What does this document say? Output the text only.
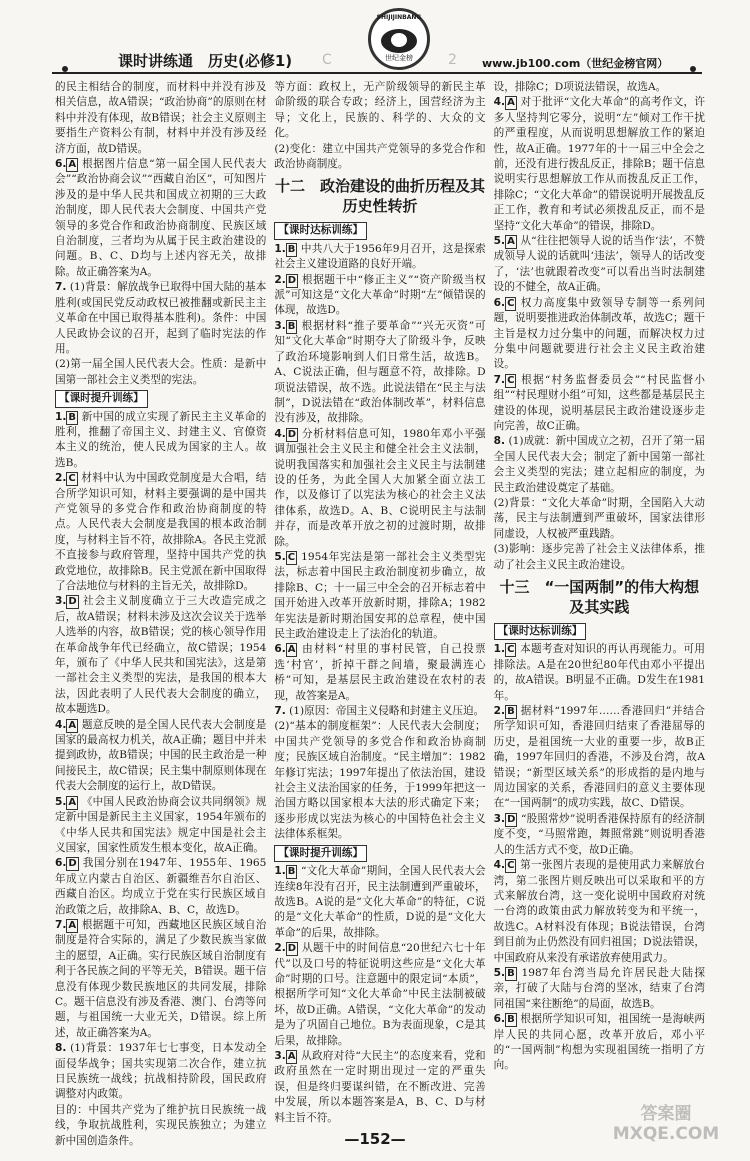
课时讲练通　历史(必修1) C
SHIJIJINBANG
世纪金榜	2 www.jb100.com（世纪金榜官网）

的民主相结合的制度，而材料中并没有涉及相关信息，故A错误；“政治协商”的原则在材料中并没有体现，故B错误；社会主义原则主要指生产资料公有制，材料中并没有涉及经济方面，故D错误。

6. A 根据图片信息“第一届全国人民代表大会”“政治协商会议”“西藏自治区”，可知图片涉及的是中华人民共和国成立初期的三大政治制度，即人民代表大会制度、中国共产党领导的多党合作和政治协商制度、民族区域自治制度，三者均为从属于民主政治建设的问题。B、C、D均与上述内容无关，故排除。故正确答案为A。

7. (1)背景：解放战争已取得中国大陆的基本胜利(或国民党反动政权已被推翻或新民主主义革命在中国已取得基本胜利)。条件：中国人民政协会议的召开，起到了临时宪法的作用。

(2)第一届全国人民代表大会。性质：是新中国第一部社会主义类型的宪法。

【课时提升训练】

1. B 新中国的成立实现了新民主主义革命的胜利，推翻了帝国主义、封建主义、官僚资本主义的统治，使人民成为国家的主人。故选B。

2. C 材料中认为中国政党制度是大合唱，结合所学知识可知，材料主要强调的是中国共产党领导的多党合作和政治协商制度的特点。人民代表大会制度是我国的根本政治制度，与材料主旨不符，故排除A。各民主党派不直接参与政府管理，坚持中国共产党的执政党地位，故排除B。民主党派在新中国取得了合法地位与材料的主旨无关，故排除D。

3. D 社会主义制度确立于三大改造完成之后，故A错误；材料未涉及这次会议关于选举人选举的内容，故B错误；党的核心领导作用在革命战争年代已经确立，故C错误；1954年，颁布了《中华人民共和国宪法》，这是第一部社会主义类型的宪法，是我国的根本大法，因此表明了人民代表大会制度的确立，故本题选D。

4. A 题意反映的是全国人民代表大会制度是国家的最高权力机关，故A正确；题目中并未提到政协，故B错误；中国的民主政治是一种间接民主，故C错误；民主集中制原则体现在代表大会制度的运行上，故D错误。

5. A 《中国人民政治协商会议共同纲领》规定新中国是新民主主义国家，1954年颁布的《中华人民共和国宪法》规定中国是社会主义国家，国家性质发生根本变化，故A正确。

6. D 我国分别在1947年、1955年、1965年成立内蒙古自治区、新疆维吾尔自治区、西藏自治区。均成立于党在实行民族区域自治政策之后，故排除A、B、C，故选D。

7. A 根据题干可知，西藏地区民族区域自治制度是符合实际的，满足了少数民族当家做主的愿望，A正确。实行民族区域自治制度有利于各民族之间的平等无关，B错误。题干信息没有体现少数民族地区的共同发展，排除C。题干信息没有涉及香港、澳门、台湾等问题，与祖国统一大业无关，D错误。综上所述，故正确答案为A。

8. (1)背景：1937年七七事变，日本发动全面侵华战争；国共实现第二次合作，建立抗日民族统一战线；抗战相持阶段，国民政府调整对内政策。

目的：中国共产党为了维护抗日民族统一战线，争取抗战胜利，实现民族独立；为建立新中国创造条件。

等方面：政权上，无产阶级领导的新民主革命阶级的联合专政；经济上，国营经济为主导；文化上，民族的、科学的、大众的文化。

(2)变化：建立中国共产党领导的多党合作和政治协商制度。

十二　政治建设的曲折历程及其历史性转折
【课时达标训练】

1. B 中共八大于1956年9月召开，这是探索社会主义建设道路的良好开端。

2. D 根据题干中“修正主义”“资产阶级当权派”可知这是“文化大革命”时期“左”倾错误的体现，故选D。

3. B 根据材料“推子要革命”“兴无灭资”可知“文化大革命”时期夺大了阶级斗争，反映了政治环境影响到人们日常生活，故选B。A、C说法正确，但与题意不符，故排除。D项说法错误，故不选。此说法错在“民主与法制”，D说法错在“政治体制改革”，材料信息没有涉及，故排除。

4. D 分析材料信息可知，1980年邓小平强调加强社会主义民主和健全社会主义法制，说明我国落实和加强社会主义民主与法制建设的任务，为此全国人大加紧全面立法工作，以及修订了以宪法为核心的社会主义法律体系，故选D。A、B、C说明民主与法制并存，而是改革开放之初的过渡时期，故排除。

5. C 1954年宪法是第一部社会主义类型宪法，标志着中国民主政治制度初步确立，故排除B、C；十一届三中全会的召开标志着中国开始进入改革开放新时期，排除A；1982年宪法是新时期治国安邦的总章程，使中国民主政治建设走上了法治化的轨道。

6. A 由材料“村里的事村民管，自己投票选‘村官’，折掉干群之间墙，聚最满连心桥”可知，是基层民主政治建设在农村的表现，故答案是A。

7. (1)原因：帝国主义侵略和封建主义压迫。

(2)“基本的制度框架”：人民代表大会制度；中国共产党领导的多党合作和政治协商制度；民族区域自治制度。“民主增加”：1982年修订宪法；1997年提出了依法治国，建设社会主义法治国家的任务，于1999年把这一治国方略以国家根本大法的形式确定下来；逐步形成以宪法为核心的中国特色社会主义法律体系框架。

【课时提升训练】

1. B “文化大革命”期间，全国人民代表大会连续8年没有召开，民主法制遭到严重破坏，故选B。A说的是“文化大革命”的特征，C说的是“文化大革命”的性质，D说的是“文化大革命”的后果，故排除。

2. D 从题干中的时间信息“20世纪六七十年代”以及口号的特征说明这些应是“文化大革命”时期的口号。注意题中的限定词“本质”，根据所学可知“文化大革命”中民主法制被破坏，故D正确。A错误，“文化大革命”的发动是为了巩固自己地位。B为表面现象，C是其后果，故排除。

3. A 从政府对待“大民主”的态度来看，党和政府虽然在一定时期出现过一定的严重失误，但是终归要谋纠错，在不断改进、完善中发展，所以本题答案是A，B、C、D与材料主旨不符。

设，排除C；D项说法错误，故选A。

4. A 对于批评“文化大革命”的高考作文，许多人坚持判它零分，说明“左”倾对工作干扰的严重程度，从而说明思想解放工作的紧迫性，故A正确。1977年的十一届三中全会之前，还没有进行拨乱反正，排除B；题干信息说明实行思想解放工作从而拨乱反正工作，排除C；“文化大革命”的错误说明开展拨乱反正工作，教育和考试必须拨乱反正，而不是坚持“文化大革命”的错误，排除D。

5. A 从“往往把领导人说的话当作‘法’，不赞成领导人说的话就叫‘违法’，领导人的话改变了，‘法’也就跟着改变”可以看出当时法制建设的不健全，故A正确。

6. C 权力高度集中致领导专制等一系列问题，说明要推进政治体制改革，故选C；题干主旨是权力过分集中的问题，而解决权力过分集中问题就要进行社会主义民主政治建设。

7. C 根据“村务监督委员会”“村民监督小组”“村民理财小组”可知，这些都是基层民主建设的体现，说明基层民主政治建设逐步走向完善，故C正确。

8. (1)成就：新中国成立之初，召开了第一届全国人民代表大会；制定了新中国第一部社会主义类型的宪法；建立起相应的制度，为民主政治建设奠定了基础。

(2)背景：“文化大革命”时期，全国陷入大动荡，民主与法制遭到严重破坏，国家法律形同虚设，人权被严重践踏。

(3)影响：逐步完善了社会主义法律体系，推动了社会主义民主政治建设。

十三　“一国两制”的伟大构想及其实践
【课时达标训练】

1. C 本题考查对知识的再认再现能力。可用排除法。A是在20世纪80年代由邓小平提出的，故A错误。B明显不正确。D发生在1981年。

2. B 据材料“1997年……香港回归”并结合所学知识可知，香港回归结束了香港屈辱的历史，是祖国统一大业的重要一步，故B正确，1997年回归的香港，不涉及台湾，故A错误；“新型区域关系”的形成指的是内地与周边国家的关系，香港回归的意义主要体现在“一国两制”的成功实践，故C、D错误。

3. D “股照常炒”说明香港保持原有的经济制度不变，“马照常跑，舞照常跳”则说明香港人的生活方式不变，故D正确。

4. C 第一张图片表现的是使用武力来解放台湾，第二张图片则反映出可以采取和平的方式来解放台湾，这一变化说明中国政府对统一台湾的政策由武力解放转变为和平统一，故选C。A材料没有体现；B说法错误，台湾到目前为止仍然没有回归祖国；D说法错误，中国政府从来没有承诺放弃使用武力。

5. B 1987年台湾当局允许居民赴大陆探亲，打破了大陆与台湾的坚冰，结束了台湾同祖国“来往断绝”的局面，故选B。

6. B 根据所学知识可知，祖国统一是海峡两岸人民的共同心愿，改革开放后，邓小平的“一国两制”构想为实现祖国统一指明了方向。

—152—
答案圈 MXQE.COM
